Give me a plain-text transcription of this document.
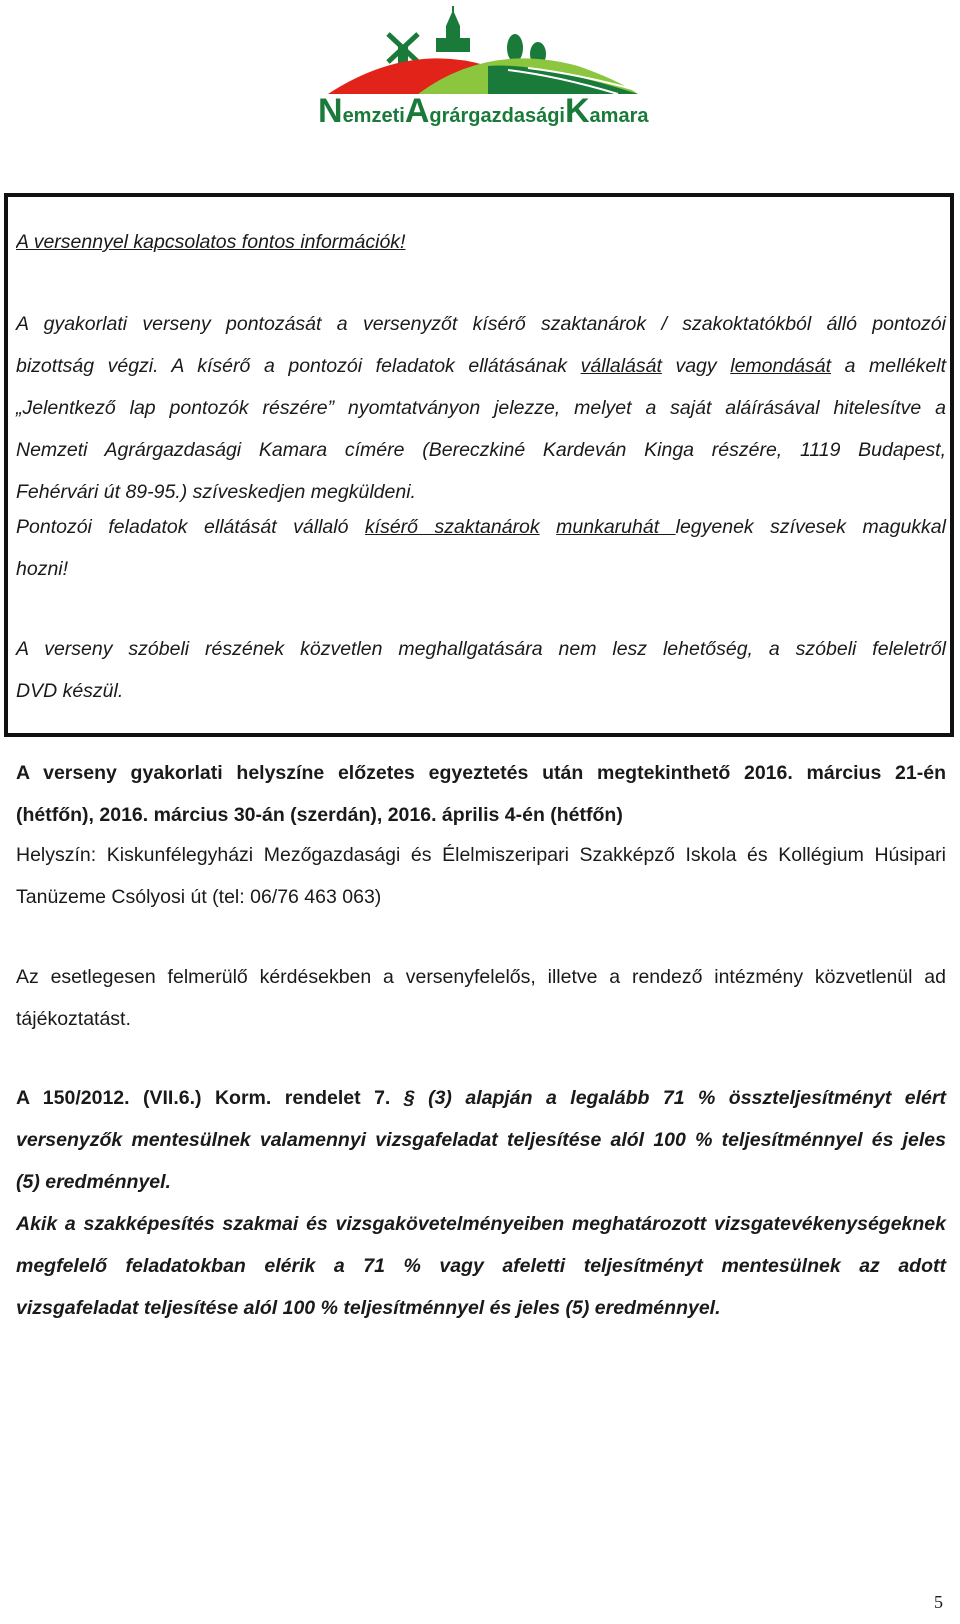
NemzetiAgrárgazdaságiKamara
A versennyel kapcsolatos fontos információk!
A gyakorlati verseny pontozását a versenyzőt kísérő szaktanárok / szakoktatókból álló pontozói
bizottság végzi. A kísérő a pontozói feladatok ellátásának vállalását vagy lemondását a mellékelt
„Jelentkező lap pontozók részére” nyomtatványon jelezze, melyet a saját aláírásával hitelesítve a
Nemzeti Agrárgazdasági Kamara címére (Bereczkiné Kardeván Kinga részére, 1119 Budapest,
Fehérvári út 89-95.) szíveskedjen megküldeni.
Pontozói feladatok ellátását vállaló kísérő szaktanárok munkaruhát legyenek szívesek magukkal
hozni!
A verseny szóbeli részének közvetlen meghallgatására nem lesz lehetőség, a szóbeli feleletről
DVD készül.
A verseny gyakorlati helyszíne előzetes egyeztetés után megtekinthető 2016. március 21-én
(hétfőn), 2016. március 30-án (szerdán), 2016. április 4-én (hétfőn)
Helyszín: Kiskunfélegyházi Mezőgazdasági és Élelmiszeripari Szakképző Iskola és Kollégium Húsipari
Tanüzeme Csólyosi út (tel: 06/76 463 063)
Az esetlegesen felmerülő kérdésekben a versenyfelelős, illetve a rendező intézmény közvetlenül ad
tájékoztatást.
A 150/2012. (VII.6.) Korm. rendelet 7. § (3) alapján a legalább 71 % összteljesítményt elért
versenyzők mentesülnek valamennyi vizsgafeladat teljesítése alól 100 % teljesítménnyel és jeles
(5) eredménnyel.
Akik a szakképesítés szakmai és vizsgakövetelményeiben meghatározott vizsgatevékenységeknek
megfelelő feladatokban elérik a 71 % vagy afeletti teljesítményt mentesülnek az adott
vizsgafeladat teljesítése alól 100 % teljesítménnyel és jeles (5) eredménnyel.
5
